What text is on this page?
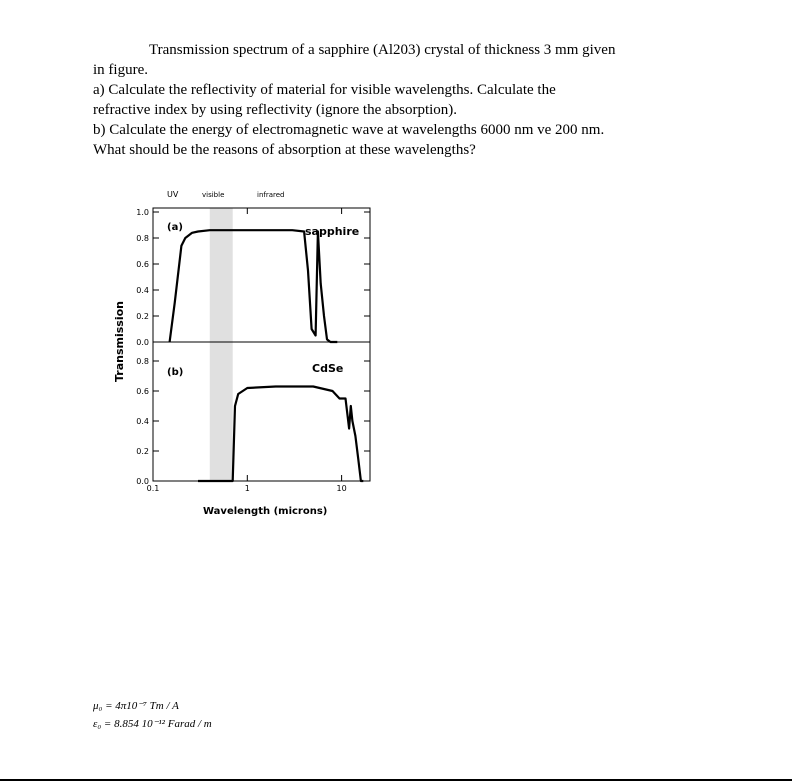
Transmission spectrum of a sapphire (Al203) crystal of thickness 3 mm given

in figure.

a) Calculate the reflectivity of material for visible wavelengths. Calculate the

refractive index by using reflectivity (ignore the absorption).

b) Calculate the energy of electromagnetic wave at wavelengths 6000 nm ve 200 nm.

What should be the reasons of absorption at these wavelengths?

1.0
0.8
0.6
0.4
0.2
0.0
0.8
0.6
0.4
0.2
0.0
0.1	1	10
UV	visible	infrared
(a)	sapphire
(b)	CdSe
Wavelength (microns)
Transmission
μ₀ = 4π10⁻⁷ Tm / A
ε₀ = 8.854 10⁻¹² Farad / m
